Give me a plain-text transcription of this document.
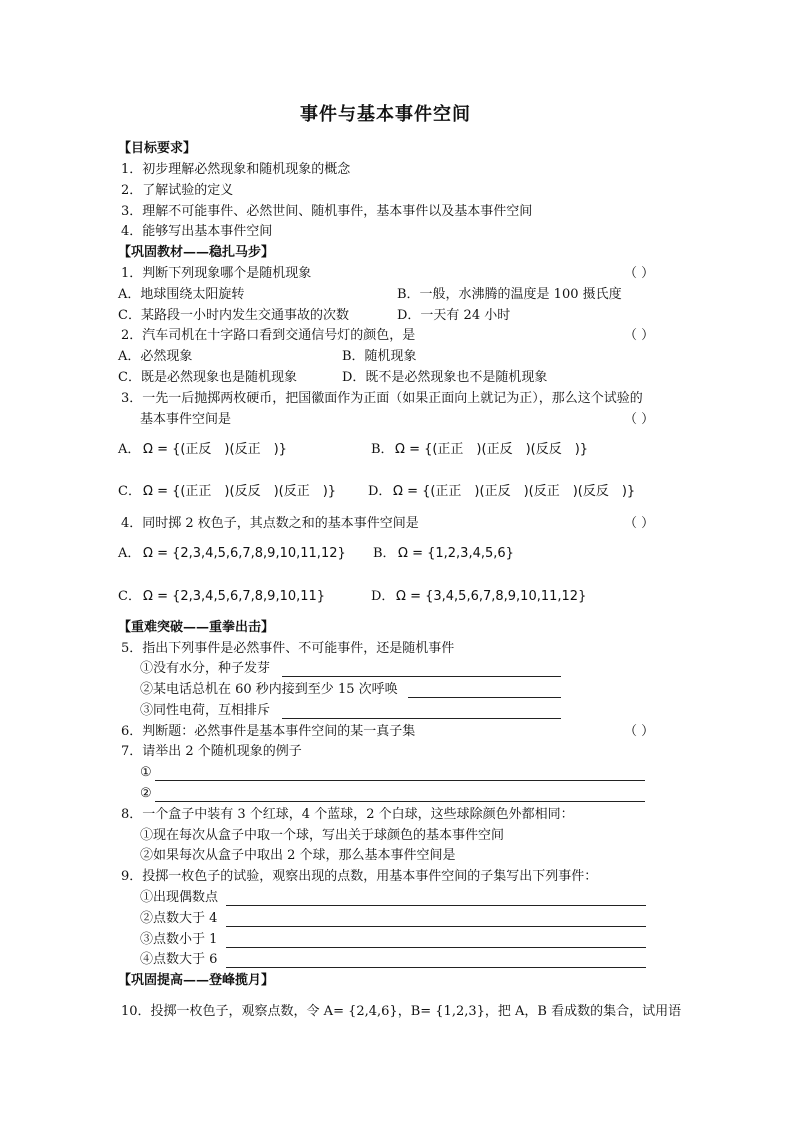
事件与基本事件空间
【目标要求】
1．初步理解必然现象和随机现象的概念
2．了解试验的定义
3．理解不可能事件、必然世间、随机事件，基本事件以及基本事件空间
4．能够写出基本事件空间
【巩固教材——稳扎马步】
1．判断下列现象哪个是随机现象	（ ）
A．地球围绕太阳旋转	B．一般，水沸腾的温度是 100 摄氏度
C．某路段一小时内发生交通事故的次数	D．一天有 24 小时
2．汽车司机在十字路口看到交通信号灯的颜色，是	（ ）
A．必然现象	B．随机现象
C．既是必然现象也是随机现象	D．既不是必然现象也不是随机现象
3．一先一后抛掷两枚硬币，把国徽面作为正面（如果正面向上就记为正），那么这个试验的
基本事件空间是	（ ）
A． Ω = {(正反　)(反正　)}	B． Ω = {(正正　)(正反　)(反反　)}
C． Ω = {(正正　)(反反　)(反正　)} D． Ω = {(正正　)(正反　)(反正　)(反反　)}
4．同时掷 2 枚色子，其点数之和的基本事件空间是	（ ）
A． Ω = {2,3,4,5,6,7,8,9,10,11,12} B． Ω = {1,2,3,4,5,6}
C． Ω = {2,3,4,5,6,7,8,9,10,11}	D． Ω = {3,4,5,6,7,8,9,10,11,12}
【重难突破——重拳出击】
5．指出下列事件是必然事件、不可能事件，还是随机事件
①没有水分，种子发芽
②某电话总机在 60 秒内接到至少 15 次呼唤
③同性电荷，互相排斥
6．判断题：必然事件是基本事件空间的某一真子集	（ ）
7．请举出 2 个随机现象的例子
①
②
8．一个盒子中装有 3 个红球，4 个蓝球，2 个白球，这些球除颜色外都相同：
①现在每次从盒子中取一个球，写出关于球颜色的基本事件空间
②如果每次从盒子中取出 2 个球，那么基本事件空间是
9．投掷一枚色子的试验，观察出现的点数，用基本事件空间的子集写出下列事件：
①出现偶数点
②点数大于 4
③点数小于 1
④点数大于 6
【巩固提高——登峰揽月】
10．投掷一枚色子，观察点数，令 A= {2,4,6}，B= {1,2,3}，把 A，B 看成数的集合，试用语
